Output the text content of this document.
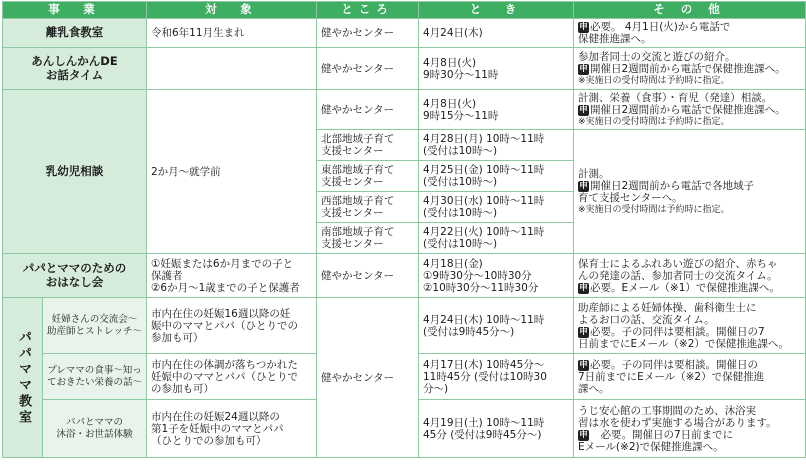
事　業		対　象	ところ	と　き	そ の 他
離乳食教室		令和6年11月生まれ	健やかセンター	4月24日(木)	申 必要。 4月1日(火)から電話で
保健推進課へ。

あんしんかんDE
お話タイム			健やかセンター	4月8日(火)
9時30分～11時	参加者同士の交流と遊びの紹介。
申 開催日2週間前から電話で保健推進課へ。
※実施日の受付時間は予約時に指定。

乳幼児相談		2か月～就学前	健やかセンター	4月8日(火)
9時15分～11時	計測、栄養（食事）・育児（発達）相談。
申 開催日2週間前から電話で保健推進課へ。
※実施日の受付時間は予約時に指定。

			北部地域子育て
支援センター	4月28日(月) 10時～11時
(受付は10時～)	計測。
申 開催日2週間前から電話で各地域子
育て支援センターへ。
※実施日の受付時間は予約時に指定。

			東部地域子育て
支援センター	4月25日(金) 10時～11時
(受付は10時～)	

			西部地域子育て
支援センター	4月30日(水) 10時～11時
(受付は10時～)	

			南部地域子育て
支援センター	4月22日(火) 10時～11時
(受付は10時～)	

パパとママのための
おはなし会		①妊娠または6か月までの子と
保護者
②6か月～1歳までの子と保護者	健やかセンター	4月18日(金)
①9時30分～10時30分
②10時30分～11時30分	保育士によるふれあい遊びの紹介、赤ちゃ
んの発達の話、参加者同士の交流タイム。
申 必要。Eメール（※1）で保健推進課へ。

パパママ教室	妊婦さんの交流会～
助産師とストレッチ～	市内在住の妊娠16週以降の妊
娠中のママとパパ（ひとりでの
参加も可）	健やかセンター	4月24日(木) 10時～11時
(受付は9時45分～)	助産師による妊婦体操、歯科衛生士に
よるお口の話、交流タイム。
申 必要。子の同伴は要相談。開催日の7
日前までにEメール（※2）で保健推進課へ。

	プレママの食事～知っ
ておきたい栄養の話～	市内在住の体調が落ちつかれた
妊娠中のママとパパ（ひとりで
の参加も可）		4月17日(木) 10時45分～
11時45分 (受付は10時30
分～)	申 必要。子の同伴は要相談。開催日の
7日前までにEメール（※2）で保健推進
課へ。

	パパとママの
沐浴・お世話体験	市内在住の妊娠24週以降の
第1子を妊娠中のママとパパ
（ひとりでの参加も可）		4月19日(土) 10時～11時
45分 (受付は9時45分～)	うじ安心館の工事期間のため、沐浴実
習は水を使わず実施する場合があります。
申　必要。開催日の7日前までに
Eメール(※2)で保健推進課へ。
